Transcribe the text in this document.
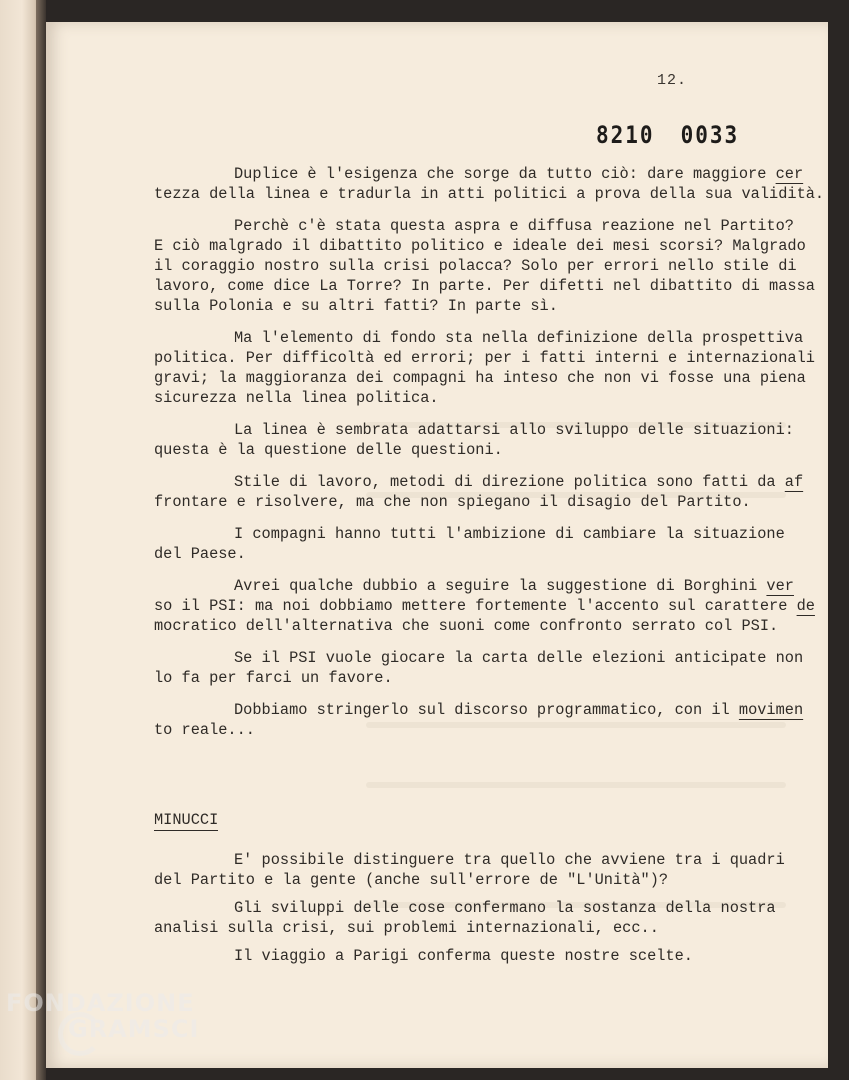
12.
8210 0033
Duplice è l'esigenza che sorge da tutto ciò: dare maggiore cer
tezza della linea e tradurla in atti politici a prova della sua validità.
Perchè c'è stata questa aspra e diffusa reazione nel Partito?
E ciò malgrado il dibattito politico e ideale dei mesi scorsi? Malgrado
il coraggio nostro sulla crisi polacca? Solo per errori nello stile di
lavoro, come dice La Torre? In parte. Per difetti nel dibattito di massa
sulla Polonia e su altri fatti? In parte sì.
Ma l'elemento di fondo sta nella definizione della prospettiva
politica. Per difficoltà ed errori; per i fatti interni e internazionali
gravi; la maggioranza dei compagni ha inteso che non vi fosse una piena
sicurezza nella linea politica.
La linea è sembrata adattarsi allo sviluppo delle situazioni:
questa è la questione delle questioni.
Stile di lavoro, metodi di direzione politica sono fatti da af
frontare e risolvere, ma che non spiegano il disagio del Partito.
I compagni hanno tutti l'ambizione di cambiare la situazione
del Paese.
Avrei qualche dubbio a seguire la suggestione di Borghini ver
so il PSI: ma noi dobbiamo mettere fortemente l'accento sul carattere de
mocratico dell'alternativa che suoni come confronto serrato col PSI.
Se il PSI vuole giocare la carta delle elezioni anticipate non
lo fa per farci un favore.
Dobbiamo stringerlo sul discorso programmatico, con il movimen
to reale...
MINUCCI
E' possibile distinguere tra quello che avviene tra i quadri
del Partito e la gente (anche sull'errore de "L'Unità")?
Gli sviluppi delle cose confermano la sostanza della nostra
analisi sulla crisi, sui problemi internazionali, ecc..
Il viaggio a Parigi conferma queste nostre scelte.
FONDAZIONE
GRAMSCI
